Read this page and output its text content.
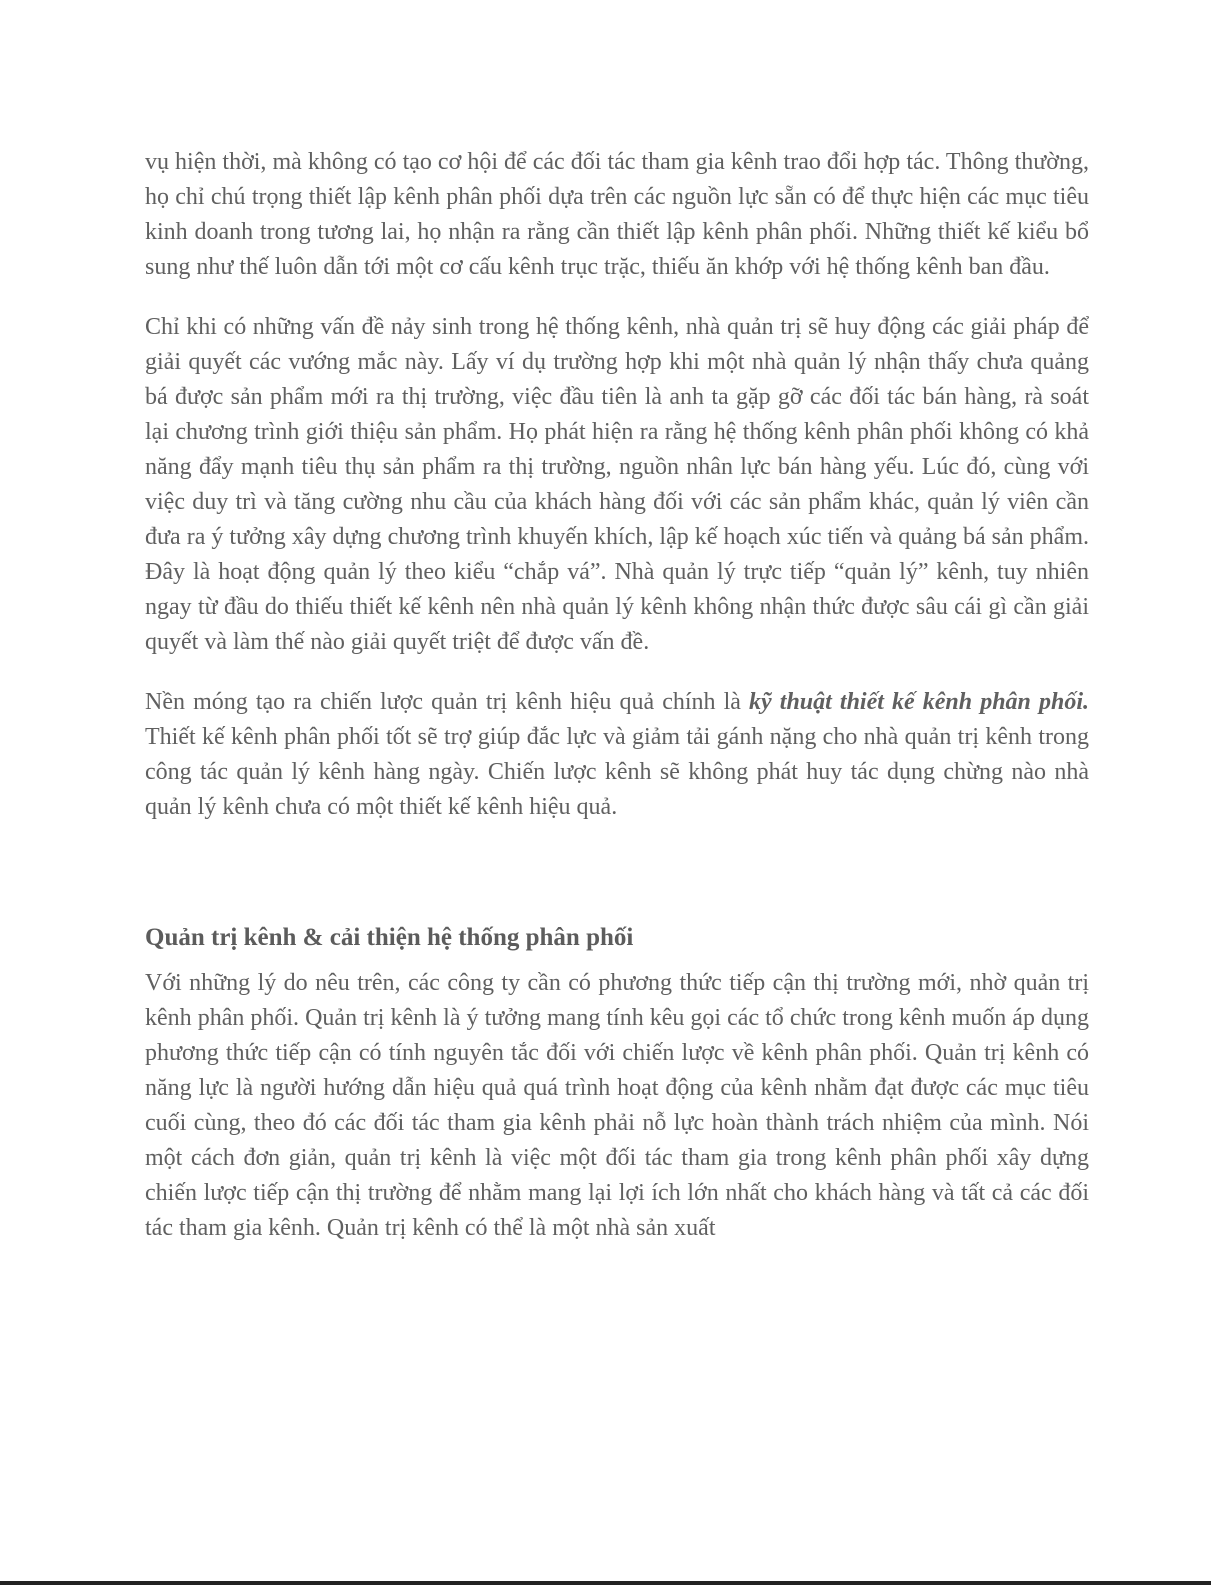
vụ hiện thời, mà không có tạo cơ hội để các đối tác tham gia kênh trao đổi hợp tác. Thông thường, họ chỉ chú trọng thiết lập kênh phân phối dựa trên các nguồn lực sẵn có để thực hiện các mục tiêu kinh doanh trong tương lai, họ nhận ra rằng cần thiết lập kênh phân phối. Những thiết kế kiểu bổ sung như thế luôn dẫn tới một cơ cấu kênh trục trặc, thiếu ăn khớp với hệ thống kênh ban đầu.

Chỉ khi có những vấn đề nảy sinh trong hệ thống kênh, nhà quản trị sẽ huy động các giải pháp để giải quyết các vướng mắc này. Lấy ví dụ trường hợp khi một nhà quản lý nhận thấy chưa quảng bá được sản phẩm mới ra thị trường, việc đầu tiên là anh ta gặp gỡ các đối tác bán hàng, rà soát lại chương trình giới thiệu sản phẩm. Họ phát hiện ra rằng hệ thống kênh phân phối không có khả năng đẩy mạnh tiêu thụ sản phẩm ra thị trường, nguồn nhân lực bán hàng yếu. Lúc đó, cùng với việc duy trì và tăng cường nhu cầu của khách hàng đối với các sản phẩm khác, quản lý viên cần đưa ra ý tưởng xây dựng chương trình khuyến khích, lập kế hoạch xúc tiến và quảng bá sản phẩm. Đây là hoạt động quản lý theo kiểu “chắp vá”. Nhà quản lý trực tiếp “quản lý” kênh, tuy nhiên ngay từ đầu do thiếu thiết kế kênh nên nhà quản lý kênh không nhận thức được sâu cái gì cần giải quyết và làm thế nào giải quyết triệt để được vấn đề.

Nền móng tạo ra chiến lược quản trị kênh hiệu quả chính là kỹ thuật thiết kế kênh phân phối. Thiết kế kênh phân phối tốt sẽ trợ giúp đắc lực và giảm tải gánh nặng cho nhà quản trị kênh trong công tác quản lý kênh hàng ngày. Chiến lược kênh sẽ không phát huy tác dụng chừng nào nhà quản lý kênh chưa có một thiết kế kênh hiệu quả.

Quản trị kênh & cải thiện hệ thống phân phối

Với những lý do nêu trên, các công ty cần có phương thức tiếp cận thị trường mới, nhờ quản trị kênh phân phối. Quản trị kênh là ý tưởng mang tính kêu gọi các tổ chức trong kênh muốn áp dụng phương thức tiếp cận có tính nguyên tắc đối với chiến lược về kênh phân phối. Quản trị kênh có năng lực là người hướng dẫn hiệu quả quá trình hoạt động của kênh nhằm đạt được các mục tiêu cuối cùng, theo đó các đối tác tham gia kênh phải nỗ lực hoàn thành trách nhiệm của mình. Nói một cách đơn giản, quản trị kênh là việc một đối tác tham gia trong kênh phân phối xây dựng chiến lược tiếp cận thị trường để nhằm mang lại lợi ích lớn nhất cho khách hàng và tất cả các đối tác tham gia kênh. Quản trị kênh có thể là một nhà sản xuất
